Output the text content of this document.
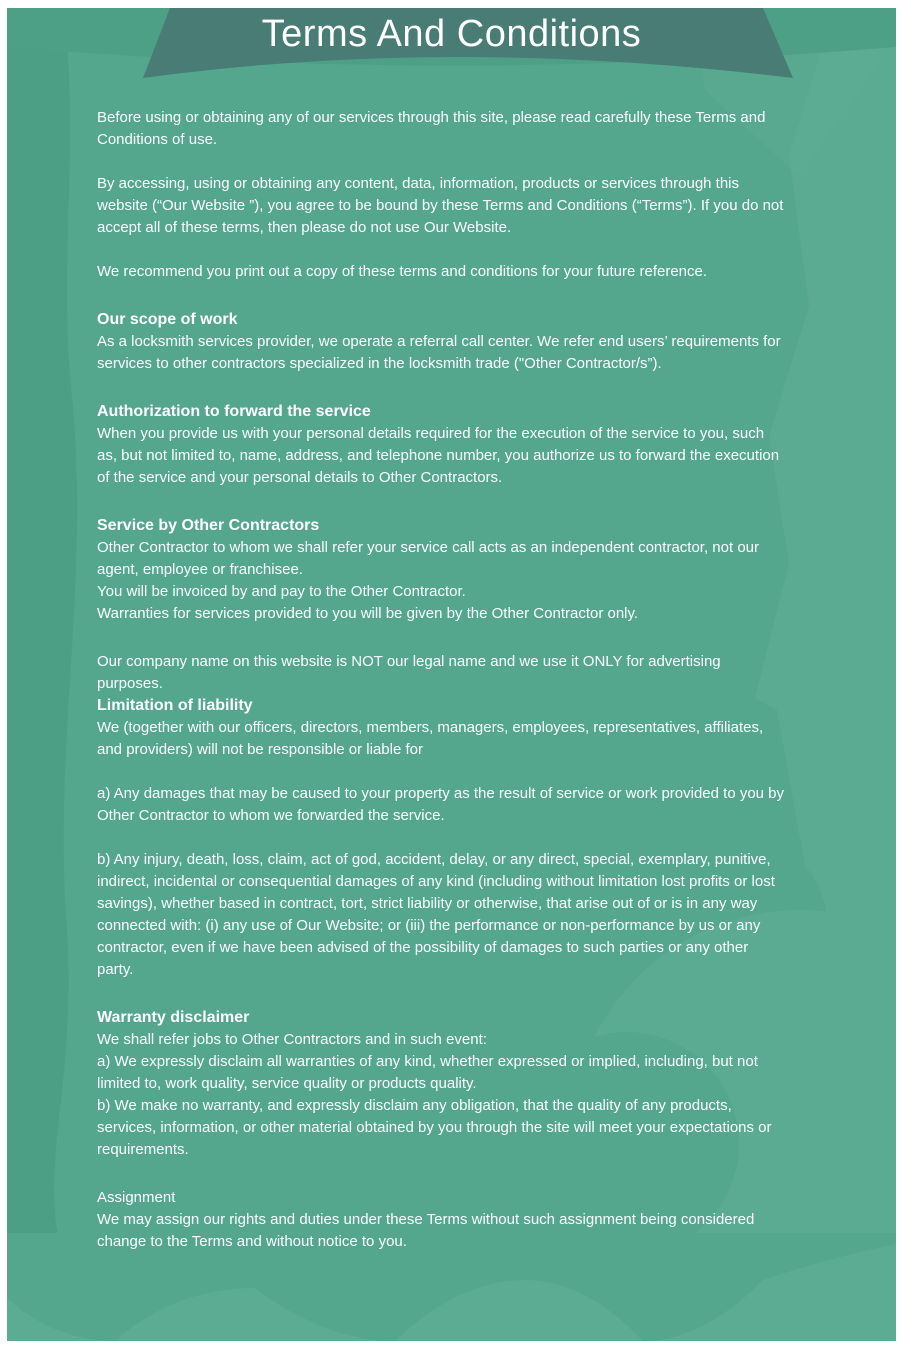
Terms And Conditions

Before using or obtaining any of our services through this site, please read carefully these Terms and Conditions of use.

By accessing, using or obtaining any content, data, information, products or services through this website (“Our Website ”), you agree to be bound by these Terms and Conditions (“Terms”). If you do not accept all of these terms, then please do not use Our Website.

We recommend you print out a copy of these terms and conditions for your future reference.

Our scope of work

As a locksmith services provider, we operate a referral call center. We refer end users’ requirements for services to other contractors specialized in the locksmith trade ("Other Contractor/s”).

Authorization to forward the service

When you provide us with your personal details required for the execution of the service to you, such as, but not limited to, name, address, and telephone number, you authorize us to forward the execution of the service and your personal details to Other Contractors.

Service by Other Contractors

Other Contractor to whom we shall refer your service call acts as an independent contractor, not our agent, employee or franchisee.

You will be invoiced by and pay to the Other Contractor.

Warranties for services provided to you will be given by the Other Contractor only.

Our company name on this website is NOT our legal name and we use it ONLY for advertising purposes.

Limitation of liability

We (together with our officers, directors, members, managers, employees, representatives, affiliates, and providers) will not be responsible or liable for

a) Any damages that may be caused to your property as the result of service or work provided to you by Other Contractor to whom we forwarded the service.

b) Any injury, death, loss, claim, act of god, accident, delay, or any direct, special, exemplary, punitive, indirect, incidental or consequential damages of any kind (including without limitation lost profits or lost savings), whether based in contract, tort, strict liability or otherwise, that arise out of or is in any way connected with: (i) any use of Our Website; or (iii) the performance or non-performance by us or any contractor, even if we have been advised of the possibility of damages to such parties or any other party.

Warranty disclaimer

We shall refer jobs to Other Contractors and in such event:

a) We expressly disclaim all warranties of any kind, whether expressed or implied, including, but not limited to, work quality, service quality or products quality.

b) We make no warranty, and expressly disclaim any obligation, that the quality of any products, services, information, or other material obtained by you through the site will meet your expectations or requirements.

Assignment

We may assign our rights and duties under these Terms without such assignment being considered change to the Terms and without notice to you.
